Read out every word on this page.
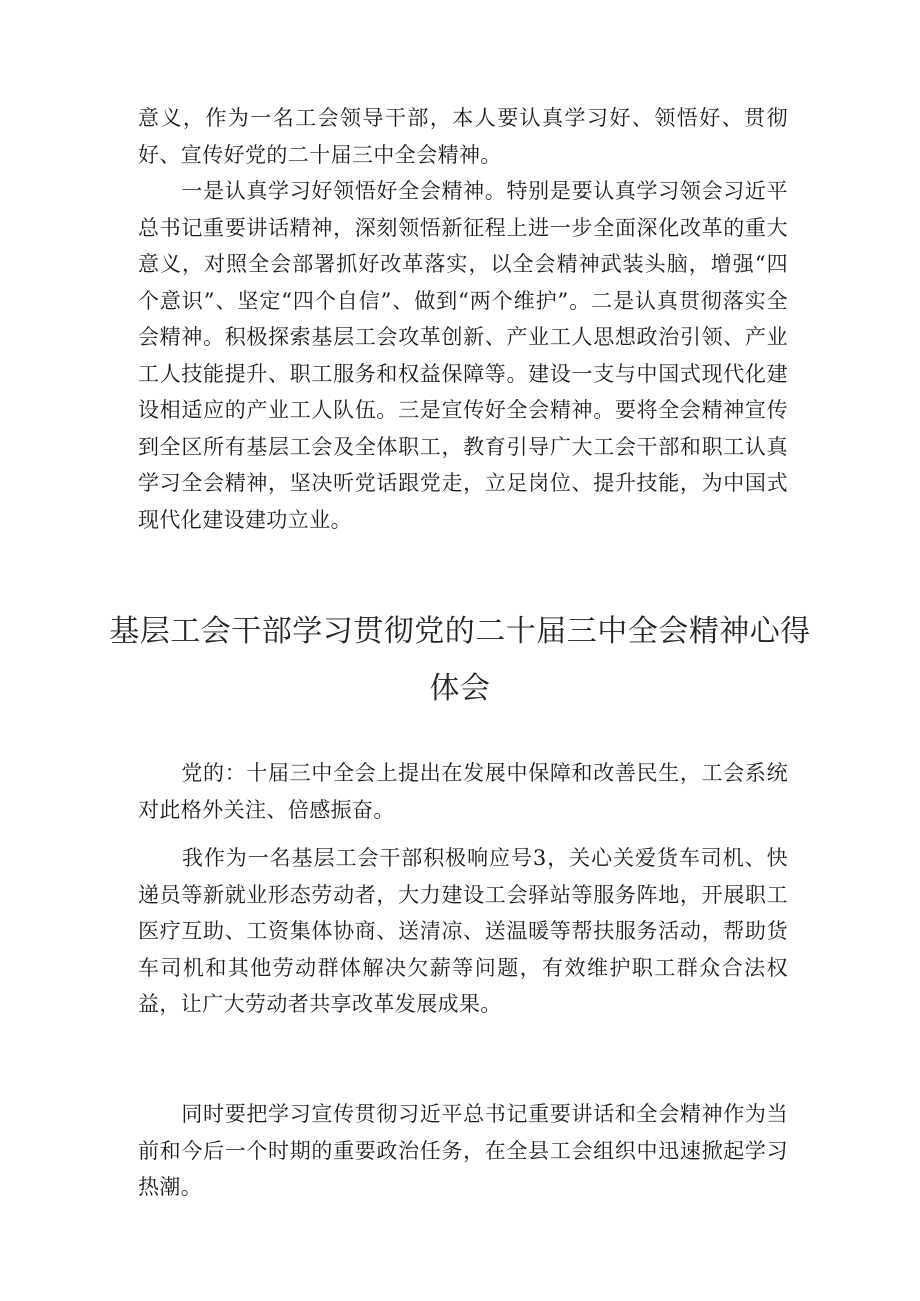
意义，作为一名工会领导干部，本人要认真学习好、领悟好、贯彻好、宣传好党的二十届三中全会精神。

　　一是认真学习好领悟好全会精神。特别是要认真学习领会习近平总书记重要讲话精神，深刻领悟新征程上进一步全面深化改革的重大意义，对照全会部署抓好改革落实，以全会精神武装头脑，增强“四个意识”、坚定“四个自信”、做到“两个维护”。二是认真贯彻落实全会精神。积极探索基层工会攻革创新、产业工人思想政治引领、产业工人技能提升、职工服务和权益保障等。建设一支与中国式现代化建设相适应的产业工人队伍。三是宣传好全会精神。要将全会精神宣传到全区所有基层工会及全体职工，教育引导广大工会干部和职工认真学习全会精神，坚决听党话跟党走，立足岗位、提升技能，为中国式现代化建设建功立业。

基层工会干部学习贯彻党的二十届三中全会精神心得体会

　　党的：十届三中全会上提出在发展中保障和改善民生，工会系统对此格外关注、倍感振奋。

　　我作为一名基层工会干部积极响应号3，关心关爱货车司机、快递员等新就业形态劳动者，大力建设工会驿站等服务阵地，开展职工医疗互助、工资集体协商、送清凉、送温暖等帮扶服务活动，帮助货车司机和其他劳动群体解决欠薪等问题，有效维护职工群众合法权益，让广大劳动者共享改革发展成果。

　　同时要把学习宣传贯彻习近平总书记重要讲话和全会精神作为当前和今后一个时期的重要政治任务，在全县工会组织中迅速掀起学习热潮。
